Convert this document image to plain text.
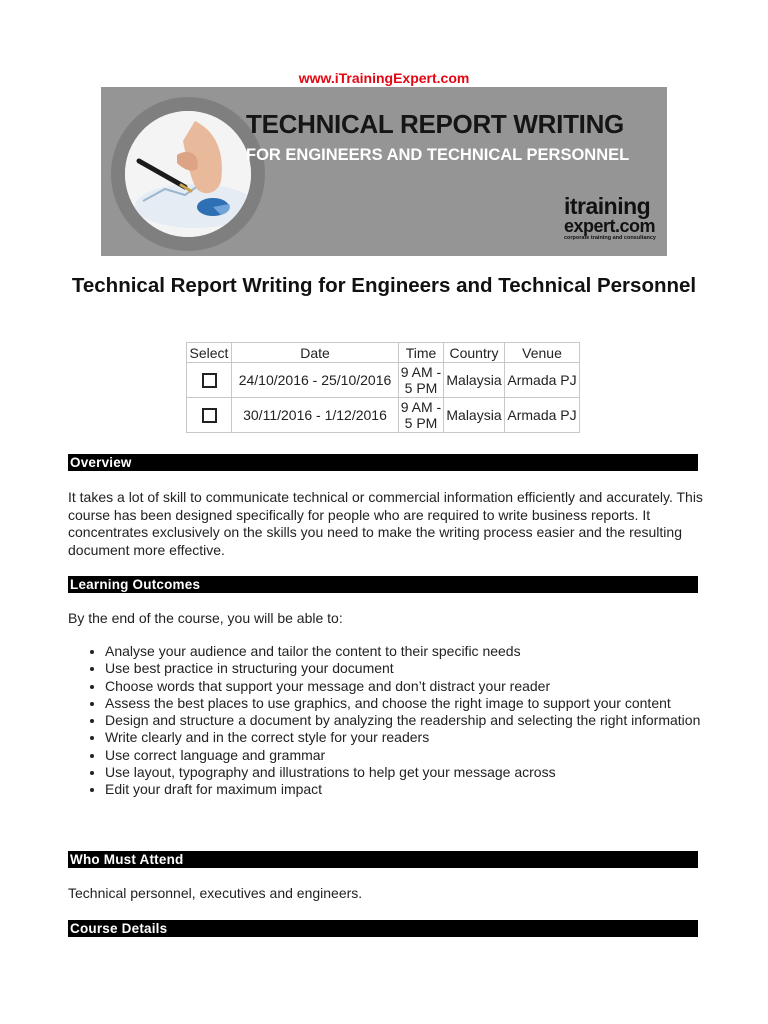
www.iTrainingExpert.com
TECHNICAL REPORT WRITING
FOR ENGINEERS AND TECHNICAL PERSONNEL
itraining
expert.com
corporate training and consultancy
Technical Report Writing for Engineers and Technical Personnel
Select	Date	Time	Country	Venue
	24/10/2016 - 25/10/2016	9 AM -
5 PM	Malaysia	Armada PJ
	30/11/2016 - 1/12/2016	9 AM -
5 PM	Malaysia	Armada PJ
Overview
It takes a lot of skill to communicate technical or commercial information efficiently and accurately. This course has been designed specifically for people who are required to write business reports. It concentrates exclusively on the skills you need to make the writing process easier and the resulting document more effective.
Learning Outcomes
By the end of the course, you will be able to:
• Analyse your audience and tailor the content to their specific needs
• Use best practice in structuring your document
• Choose words that support your message and don’t distract your reader
• Assess the best places to use graphics, and choose the right image to support your content
• Design and structure a document by analyzing the readership and selecting the right information
• Write clearly and in the correct style for your readers
• Use correct language and grammar
• Use layout, typography and illustrations to help get your message across
• Edit your draft for maximum impact
Who Must Attend
Technical personnel, executives and engineers.
Course Details
